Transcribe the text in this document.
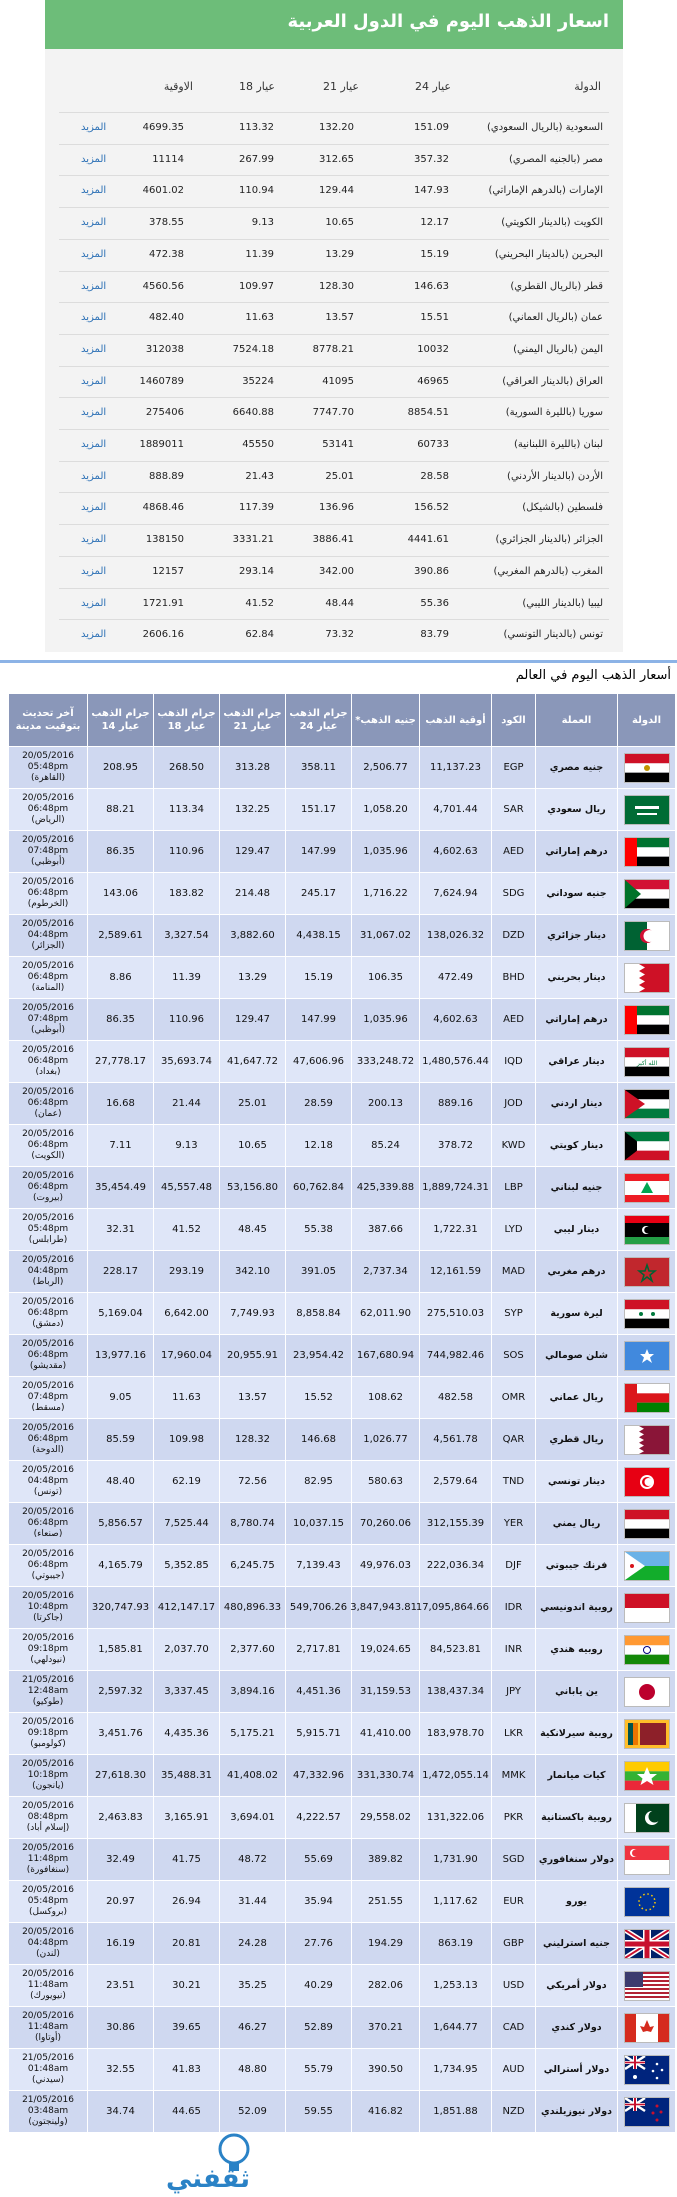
اسعار الذهب اليوم في الدول العربية
الدولة
عيار 24
عيار 21
عيار 18
الاوقية
السعودية (بالريال السعودي)
151.09
132.20
113.32
4699.35
المزيد
مصر (بالجنيه المصري)
357.32
312.65
267.99
11114
المزيد
الإمارات (بالدرهم الإماراتي)
147.93
129.44
110.94
4601.02
المزيد
الكويت (بالدينار الكويتي)
12.17
10.65
9.13
378.55
المزيد
البحرين (بالدينار البحريني)
15.19
13.29
11.39
472.38
المزيد
قطر (بالريال القطري)
146.63
128.30
109.97
4560.56
المزيد
عمان (بالريال العماني)
15.51
13.57
11.63
482.40
المزيد
اليمن (بالريال اليمني)
10032
8778.21
7524.18
312038
المزيد
العراق (بالدينار العراقي)
46965
41095
35224
1460789
المزيد
سوريا (بالليرة السورية)
8854.51
7747.70
6640.88
275406
المزيد
لبنان (بالليرة اللبنانية)
60733
53141
45550
1889011
المزيد
الأردن (بالدينار الأردني)
28.58
25.01
21.43
888.89
المزيد
فلسطين (بالشيكل)
156.52
136.96
117.39
4868.46
المزيد
الجزائر (بالدينار الجزائري)
4441.61
3886.41
3331.21
138150
المزيد
المغرب (بالدرهم المغربي)
390.86
342.00
293.14
12157
المزيد
ليبيا (بالدينار الليبي)
55.36
48.44
41.52
1721.91
المزيد
تونس (بالدينار التونسي)
83.79
73.32
62.84
2606.16
المزيد
أسعار الذهب اليوم في العالم
الدولة	العملة	الكود	أوقية الذهب	جنيه الذهب*	جرام الذهب عيار 24	جرام الذهب عيار 21	جرام الذهب عيار 18	جرام الذهب عيار 14	آخر تحديث بتوقيت مدينة
	جنيه مصري	EGP	11,137.23	2,506.77	358.11	313.28	268.50	208.95	20/05/2016
05:48pm
(القاهرة)

	ريال سعودي	SAR	4,701.44	1,058.20	151.17	132.25	113.34	88.21	20/05/2016
06:48pm
(الرياض)

	درهم إماراتي	AED	4,602.63	1,035.96	147.99	129.47	110.96	86.35	20/05/2016
07:48pm
(أبوظبي)

	جنيه سوداني	SDG	7,624.94	1,716.22	245.17	214.48	183.82	143.06	20/05/2016
06:48pm
(الخرطوم)

	دينار جزائري	DZD	138,026.32	31,067.02	4,438.15	3,882.60	3,327.54	2,589.61	20/05/2016
04:48pm
(الجزائر)

	دينار بحريني	BHD	472.49	106.35	15.19	13.29	11.39	8.86	20/05/2016
06:48pm
(المنامة)

	درهم إماراتي	AED	4,602.63	1,035.96	147.99	129.47	110.96	86.35	20/05/2016
07:48pm
(أبوظبي)

الله أكبر	دينار عراقي	IQD	1,480,576.44	333,248.72	47,606.96	41,647.72	35,693.74	27,778.17	20/05/2016
06:48pm
(بغداد)

	دينار اردني	JOD	889.16	200.13	28.59	25.01	21.44	16.68	20/05/2016
06:48pm
(عمان)

	دينار كويتي	KWD	378.72	85.24	12.18	10.65	9.13	7.11	20/05/2016
06:48pm
(الكويت)

	جنيه لبناني	LBP	1,889,724.31	425,339.88	60,762.84	53,156.80	45,557.48	35,454.49	20/05/2016
06:48pm
(بيروت)

	دينار ليبي	LYD	1,722.31	387.66	55.38	48.45	41.52	32.31	20/05/2016
05:48pm
(طرابلس)

	درهم مغربي	MAD	12,161.59	2,737.34	391.05	342.10	293.19	228.17	20/05/2016
04:48pm
(الرباط)

	ليرة سورية	SYP	275,510.03	62,011.90	8,858.84	7,749.93	6,642.00	5,169.04	20/05/2016
06:48pm
(دمشق)

	شلن صومالي	SOS	744,982.46	167,680.94	23,954.42	20,955.91	17,960.04	13,977.16	20/05/2016
06:48pm
(مقديشو)

	ريال عماني	OMR	482.58	108.62	15.52	13.57	11.63	9.05	20/05/2016
07:48pm
(مسقط)

	ريال قطري	QAR	4,561.78	1,026.77	146.68	128.32	109.98	85.59	20/05/2016
06:48pm
(الدوحة)

	دينار تونسي	TND	2,579.64	580.63	82.95	72.56	62.19	48.40	20/05/2016
04:48pm
(تونس)

	ريال يمني	YER	312,155.39	70,260.06	10,037.15	8,780.74	7,525.44	5,856.57	20/05/2016
06:48pm
(صنعاء)

	فرنك جيبوتي	DJF	222,036.34	49,976.03	7,139.43	6,245.75	5,352.85	4,165.79	20/05/2016
06:48pm
(جيبوتي)

	روبية اندونيسي	IDR	17,095,864.66	3,847,943.81	549,706.26	480,896.33	412,147.17	320,747.93	20/05/2016
10:48pm
(جاكرتا)

	روبيه هندي	INR	84,523.81	19,024.65	2,717.81	2,377.60	2,037.70	1,585.81	20/05/2016
09:18pm
(نيودلهي)

	ين ياباني	JPY	138,437.34	31,159.53	4,451.36	3,894.16	3,337.45	2,597.32	21/05/2016
12:48am
(طوكيو)

	روبية سيرلانكية	LKR	183,978.70	41,410.00	5,915.71	5,175.21	4,435.36	3,451.76	20/05/2016
09:18pm
(كولومبو)

	كيات ميانمار	MMK	1,472,055.14	331,330.74	47,332.96	41,408.02	35,488.31	27,618.30	20/05/2016
10:18pm
(يانجون)

	روبية باكستانية	PKR	131,322.06	29,558.02	4,222.57	3,694.01	3,165.91	2,463.83	20/05/2016
08:48pm
(إسلام أباد)

	دولار سنغافوري	SGD	1,731.90	389.82	55.69	48.72	41.75	32.49	20/05/2016
11:48pm
(سنغافورة)

	يورو	EUR	1,117.62	251.55	35.94	31.44	26.94	20.97	20/05/2016
05:48pm
(بروكسل)

	جنيه استرليني	GBP	863.19	194.29	27.76	24.28	20.81	16.19	20/05/2016
04:48pm
(لندن)

	دولار أمريكي	USD	1,253.13	282.06	40.29	35.25	30.21	23.51	20/05/2016
11:48am
(نيويورك)

	دولار كندي	CAD	1,644.77	370.21	52.89	46.27	39.65	30.86	20/05/2016
11:48am
(أوتاوا)

	دولار أسترالي	AUD	1,734.95	390.50	55.79	48.80	41.83	32.55	21/05/2016
01:48am
(سيدني)

	دولار نيوزيلندي	NZD	1,851.88	416.82	59.55	52.09	44.65	34.74	21/05/2016
03:48am
(ولينجتون)
ثقفني
